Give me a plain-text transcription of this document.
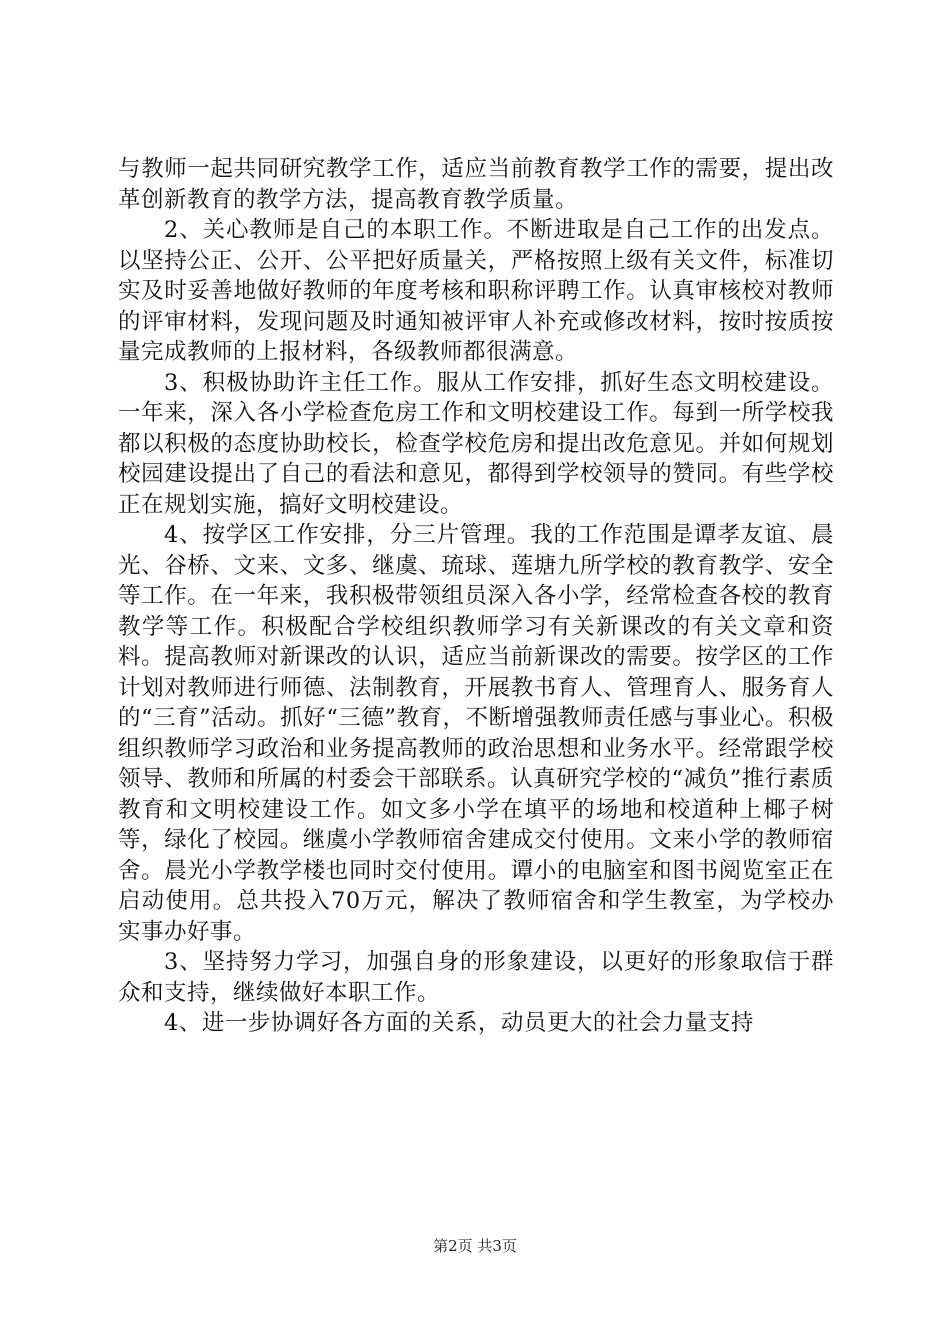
与教师一起共同研究教学工作，适应当前教育教学工作的需要，提出改革创新教育的教学方法，提高教育教学质量。

2、关心教师是自己的本职工作。不断进取是自己工作的出发点。以坚持公正、公开、公平把好质量关，严格按照上级有关文件，标准切实及时妥善地做好教师的年度考核和职称评聘工作。认真审核校对教师的评审材料，发现问题及时通知被评审人补充或修改材料，按时按质按量完成教师的上报材料，各级教师都很满意。

3、积极协助许主任工作。服从工作安排，抓好生态文明校建设。一年来，深入各小学检查危房工作和文明校建设工作。每到一所学校我都以积极的态度协助校长，检查学校危房和提出改危意见。并如何规划校园建设提出了自己的看法和意见，都得到学校领导的赞同。有些学校正在规划实施，搞好文明校建设。

4、按学区工作安排，分三片管理。我的工作范围是谭孝友谊、晨光、谷桥、文来、文多、继虞、琉球、莲塘九所学校的教育教学、安全等工作。在一年来，我积极带领组员深入各小学，经常检查各校的教育教学等工作。积极配合学校组织教师学习有关新课改的有关文章和资料。提高教师对新课改的认识，适应当前新课改的需要。按学区的工作计划对教师进行师德、法制教育，开展教书育人、管理育人、服务育人的“三育”活动。抓好“三德”教育，不断增强教师责任感与事业心。积极组织教师学习政治和业务提高教师的政治思想和业务水平。经常跟学校领导、教师和所属的村委会干部联系。认真研究学校的“减负”推行素质教育和文明校建设工作。如文多小学在填平的场地和校道种上椰子树等，绿化了校园。继虞小学教师宿舍建成交付使用。文来小学的教师宿舍。晨光小学教学楼也同时交付使用。谭小的电脑室和图书阅览室正在启动使用。总共投入70万元，解决了教师宿舍和学生教室，为学校办实事办好事。

3、坚持努力学习，加强自身的形象建设，以更好的形象取信于群众和支持，继续做好本职工作。

4、进一步协调好各方面的关系，动员更大的社会力量支持

第2页 共3页
